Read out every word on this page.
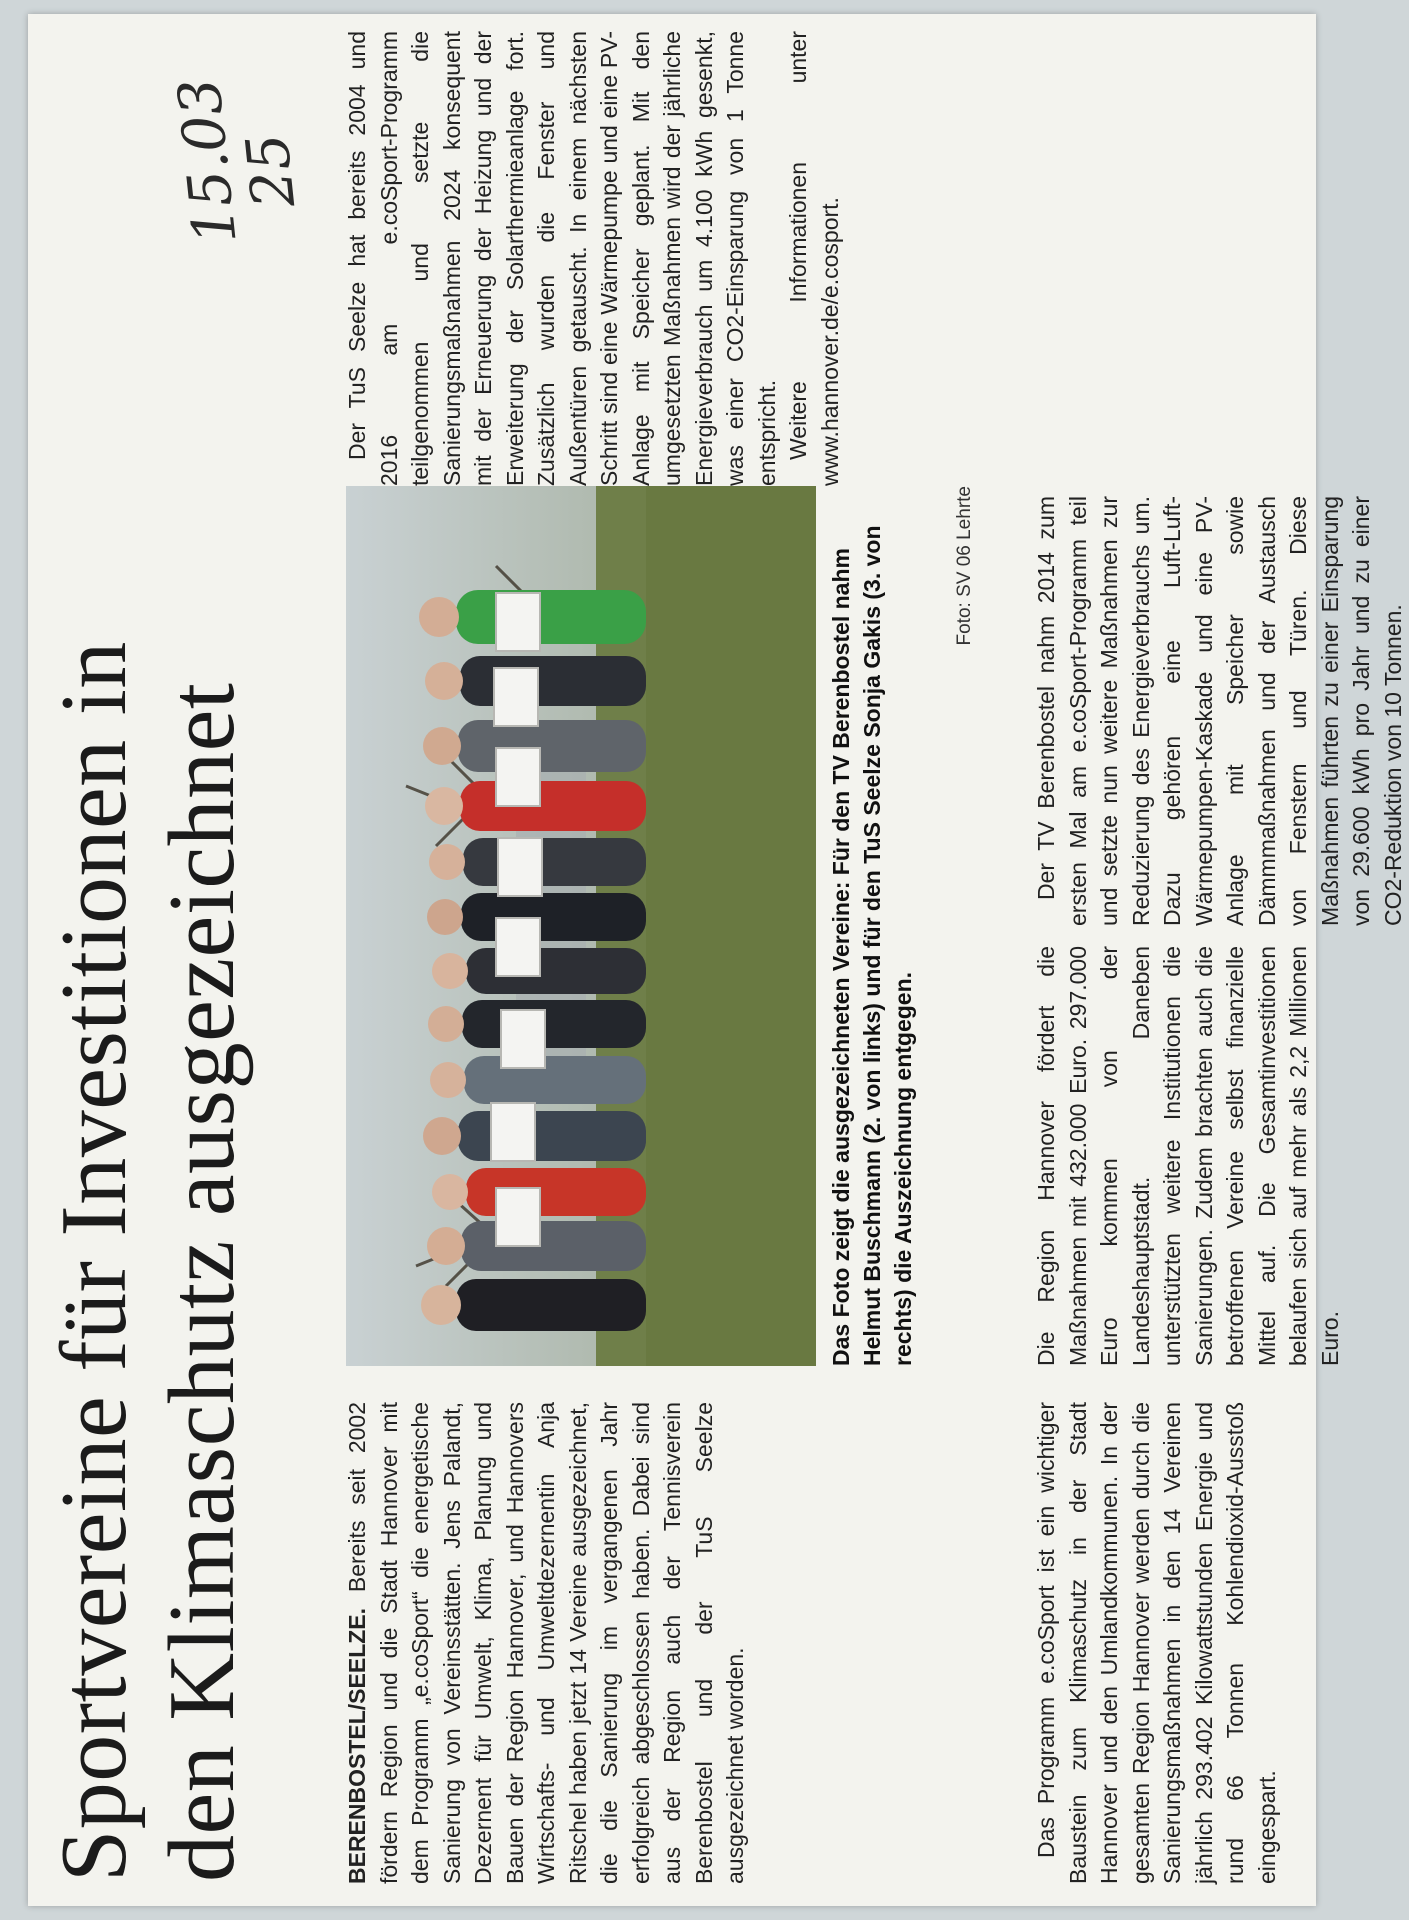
Sportvereine für Investitionen in den Klimaschutz ausgezeichnet
15.03
25

BERENBOSTEL/SEELZE. Bereits seit 2002 fördern Region und die Stadt Hannover mit dem Programm „e.coSport“ die energetische Sanierung von Vereinsstätten. Jens Palandt, Dezernent für Umwelt, Klima, Planung und Bauen der Region Hannover, und Hannovers Wirtschafts- und Umweltdezernentin Anja Ritschel haben jetzt 14 Vereine ausgezeichnet, die die Sanierung im vergangenen Jahr erfolgreich abgeschlossen haben. Dabei sind aus der Region auch der Tennisverein Berenbostel und der TuS Seelze ausgezeichnet worden.	Das Programm e.coSport ist ein wichtiger Baustein zum Klimaschutz in der Stadt Hannover und den Umlandkommunen. In der gesamten Region Hannover werden durch die Sanierungsmaßnahmen in den 14 Vereinen jährlich 293.402 Kilowattstunden Energie und rund 66 Tonnen Kohlendioxid-Ausstoß eingespart.

Das Foto zeigt die ausgezeichneten Vereine: Für den TV Berenbostel nahm Helmut Buschmann (2. von links) und für den TuS Seelze Sonja Gakis (3. von rechts) die Auszeichnung entgegen.
Foto: SV 06 Lehrte

Die Region Hannover fördert die Maßnahmen mit 432.000 Euro. 297.000 Euro kommen von der Landeshauptstadt. Daneben unterstützten weitere Institutionen die Sanierungen. Zudem brachten auch die betroffenen Vereine selbst finanzielle Mittel auf. Die Gesamtinvestitionen belaufen sich auf mehr als 2,2 Millionen Euro.

Der TV Berenbostel nahm 2014 zum ersten Mal am e.coSport-Programm teil und setzte nun weitere Maßnahmen zur Reduzierung des Energieverbrauchs um. Dazu gehören eine Luft-Luft-Wärmepumpen-Kaskade und eine PV-Anlage mit Speicher sowie Dämmmaßnahmen und der Austausch von Fenstern und Türen. Diese Maßnahmen führten zu einer Einsparung von 29.600 kWh pro Jahr und zu einer CO2-Reduktion von 10 Tonnen.

Der TuS Seelze hat bereits 2004 und 2016 am e.coSport-Programm teilgenommen und setzte die Sanierungsmaßnahmen 2024 konsequent mit der Erneuerung der Heizung und der Erweiterung der Solarthermieanlage fort. Zusätzlich wurden die Fenster und Außentüren getauscht. In einem nächsten Schritt sind eine Wärmepumpe und eine PV-Anlage mit Speicher geplant. Mit den umgesetzten Maßnahmen wird der jährliche Energieverbrauch um 4.100 kWh gesenkt, was einer CO2-Einsparung von 1 Tonne entspricht. Weitere Informationen unter www.hannover.de/e.cosport.
